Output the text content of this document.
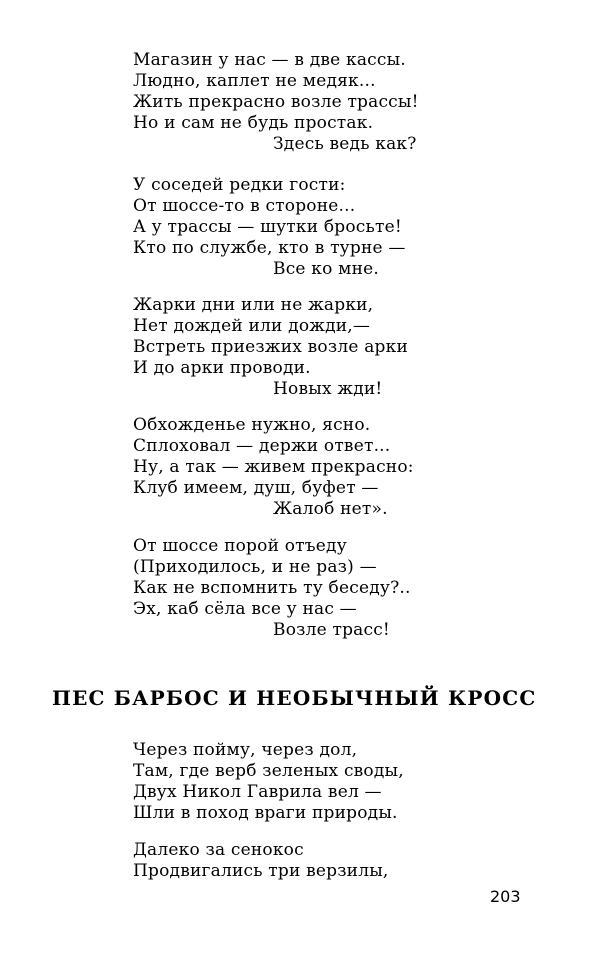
Магазин у нас — в две кассы.
Людно, каплет не медяк...
Жить прекрасно возле трассы!
Но и сам не будь простак.
Здесь ведь как?
У соседей редки гости:
От шоссе-то в стороне...
А у трассы — шутки бросьте!
Кто по службе, кто в турне —
Все ко мне.
Жарки дни или не жарки,
Нет дождей или дожди,—
Встреть приезжих возле арки
И до арки проводи.
Новых жди!
Обхожденье нужно, ясно.
Сплоховал — держи ответ...
Ну, а так — живем прекрасно:
Клуб имеем, душ, буфет —
Жалоб нет».
От шоссе порой отъеду
(Приходилось, и не раз) —
Как не вспомнить ту беседу?..
Эх, каб сёла все у нас —
Возле трасс!
ПЕС БАРБОС И НЕОБЫЧНЫЙ КРОСС
Через пойму, через дол,
Там, где верб зеленых своды,
Двух Никол Гаврила вел —
Шли в поход враги природы.
Далеко за сенокос
Продвигались три верзилы,
203
